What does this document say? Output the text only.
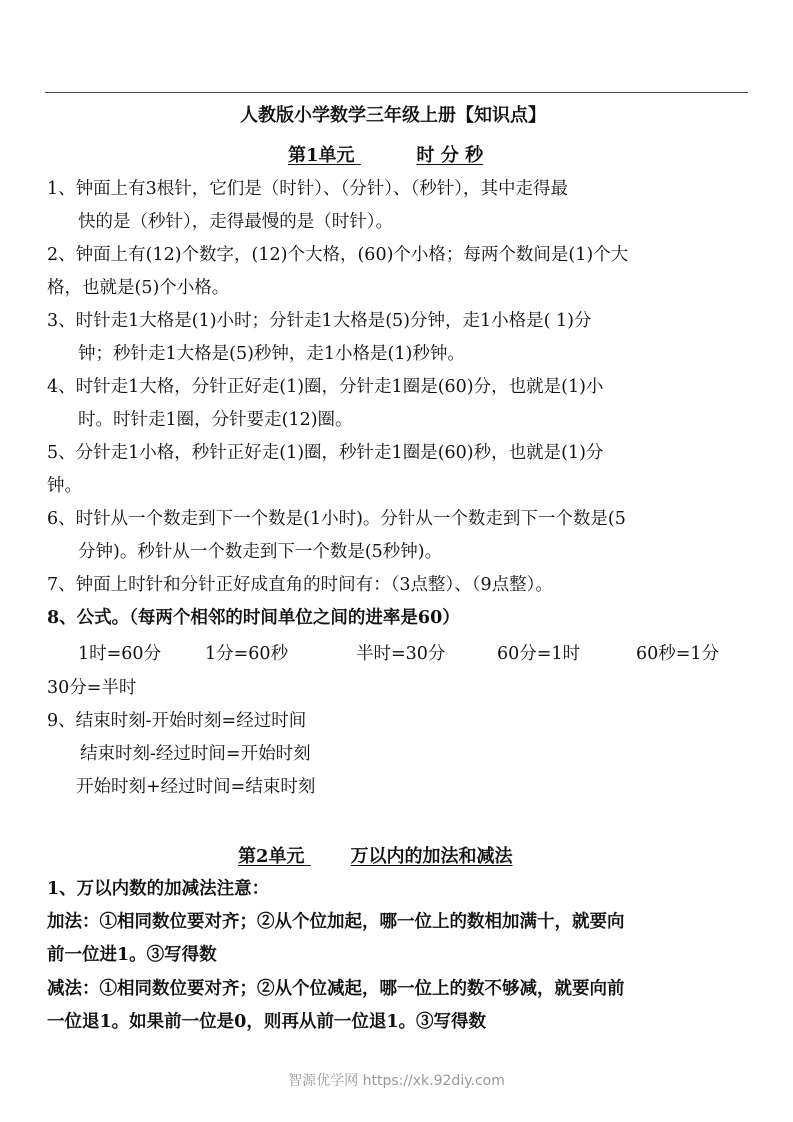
人教版小学数学三年级上册【知识点】
第1单元	时 分 秒
1、钟面上有3根针，它们是（时针）、（分针）、（秒针），其中走得最
快的是（秒针），走得最慢的是（时针）。
2、钟面上有(12)个数字，(12)个大格，(60)个小格；每两个数间是(1)个大
格，也就是(5)个小格。
3、时针走1大格是(1)小时；分针走1大格是(5)分钟，走1小格是( 1)分
钟；秒针走1大格是(5)秒钟，走1小格是(1)秒钟。
4、时针走1大格，分针正好走(1)圈，分针走1圈是(60)分，也就是(1)小
时。时针走1圈，分针要走(12)圈。
5、分针走1小格，秒针正好走(1)圈，秒针走1圈是(60)秒，也就是(1)分
钟。
6、时针从一个数走到下一个数是(1小时)。分针从一个数走到下一个数是(5
分钟)。秒针从一个数走到下一个数是(5秒钟)。
7、钟面上时针和分针正好成直角的时间有：（3点整）、（9点整）。
8、公式。（每两个相邻的时间单位之间的进率是60）
1时=60分	1分=60秒	半时=30分	60分=1时	60秒=1分
30分=半时
9、结束时刻-开始时刻=经过时间
结束时刻-经过时间=开始时刻
开始时刻+经过时间=结束时刻
第2单元	万以内的加法和减法
1、万以内数的加减法注意：
加法：①相同数位要对齐；②从个位加起，哪一位上的数相加满十，就要向
前一位进1。③写得数
减法：①相同数位要对齐；②从个位减起，哪一位上的数不够减，就要向前
一位退1。如果前一位是0，则再从前一位退1。③写得数
智源优学网 https://xk.92diy.com
